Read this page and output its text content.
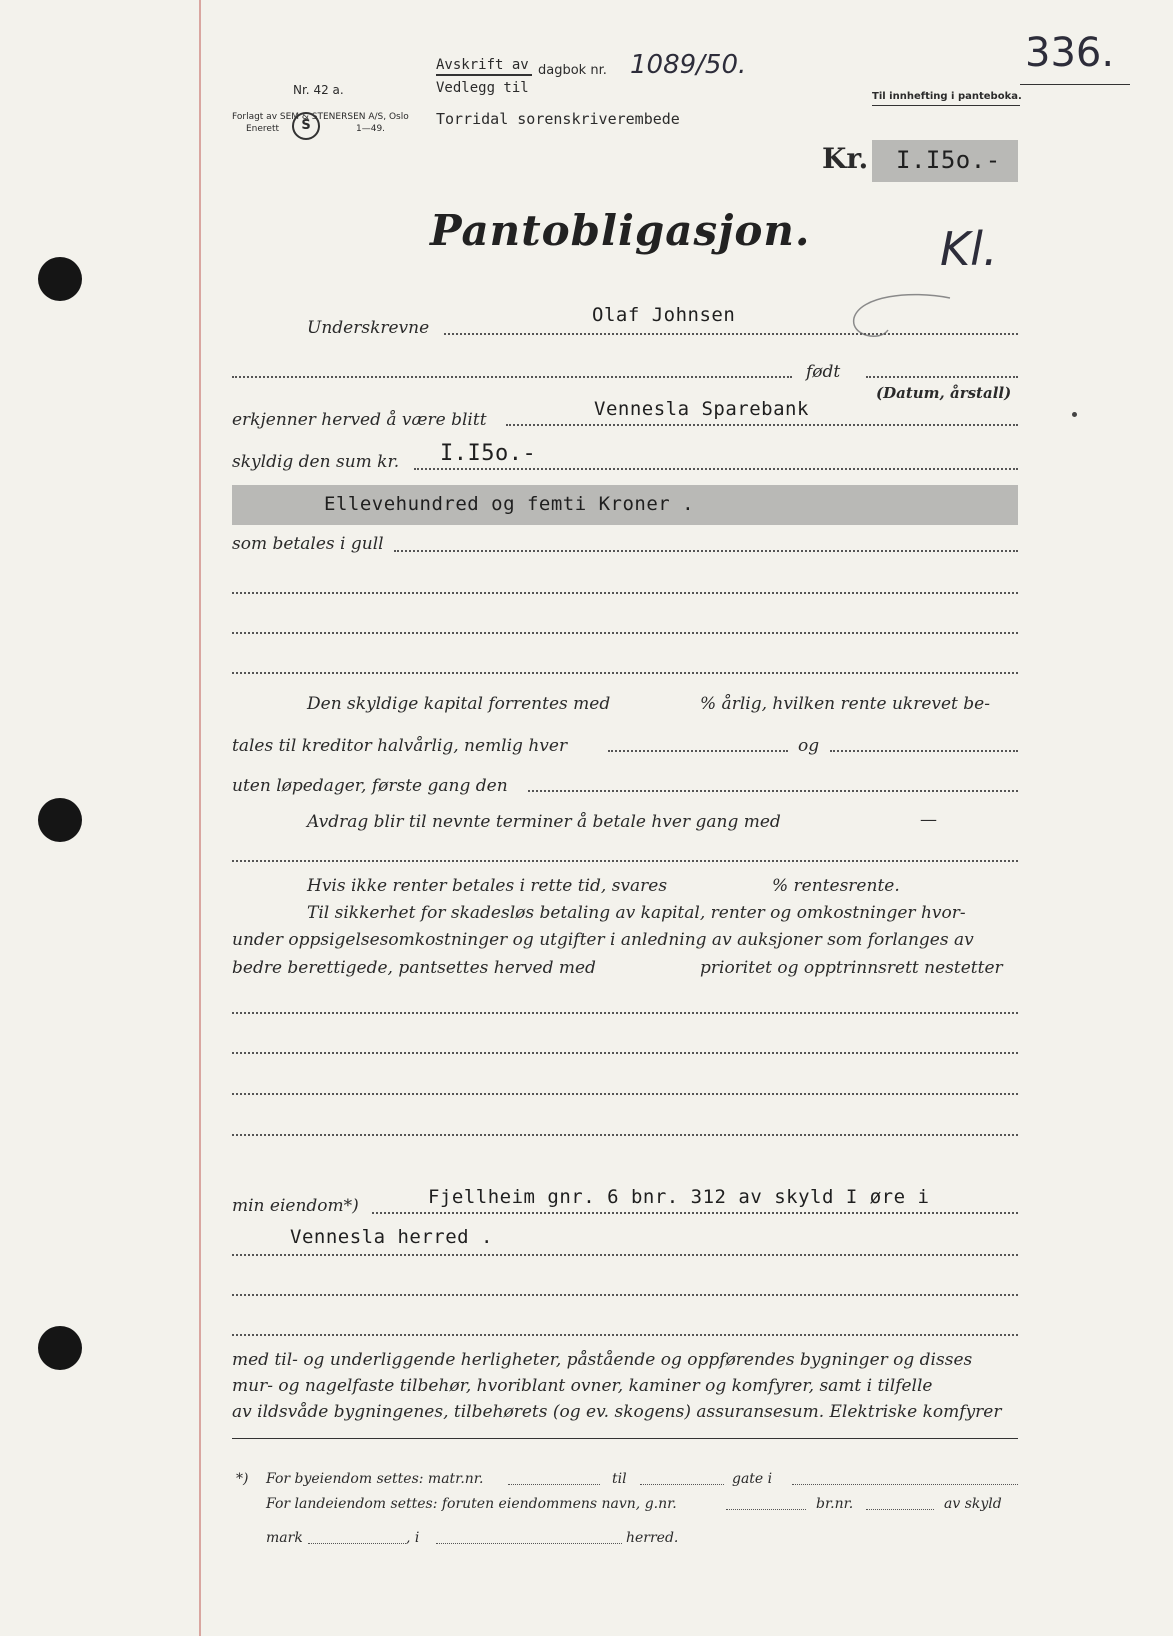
Nr. 42 a.
Forlagt av SEM & STENERSEN A/S, Oslo
Enerett	S	1—49.
Avskrift av dagbok nr. 1089/50.
Vedlegg til
Torridal sorenskriverembede
Til innhefting i panteboka.
336.
Kr. I.I5o.-
Pantobligasjon.	Kl.
Underskrevne
Olaf Johnsen
født
(Datum, årstall)
erkjenner herved å være blitt	Vennesla Sparebank
skyldig den sum kr. I.I5o.-
Ellevehundred og femti Kroner .
som betales i gull
Den skyldige kapital forrentes med	% årlig, hvilken rente ukrevet be-
tales til kreditor halvårlig, nemlig hver	og
uten løpedager, første gang den
Avdrag blir til nevnte terminer å betale hver gang med	—
Hvis ikke renter betales i rette tid, svares	% rentesrente.
Til sikkerhet for skadesløs betaling av kapital, renter og omkostninger hvor-
under oppsigelsesomkostninger og utgifter i anledning av auksjoner som forlanges av
bedre berettigede, pantsettes herved med	prioritet og opptrinnsrett nestetter
min eiendom*)	Fjellheim gnr. 6 bnr. 312 av skyld I øre i
Vennesla herred .
med til- og underliggende herligheter, påstående og oppførendes bygninger og disses
mur- og nagelfaste tilbehør, hvoriblant ovner, kaminer og komfyrer, samt i tilfelle
av ildsvåde bygningenes, tilbehørets (og ev. skogens) assuransesum. Elektriske komfyrer
*) For byeiendom settes: matr.nr.	til	gate i
For landeiendom settes: foruten eiendommens navn, g.nr.	br.nr.	av skyld
mark	, i	herred.
